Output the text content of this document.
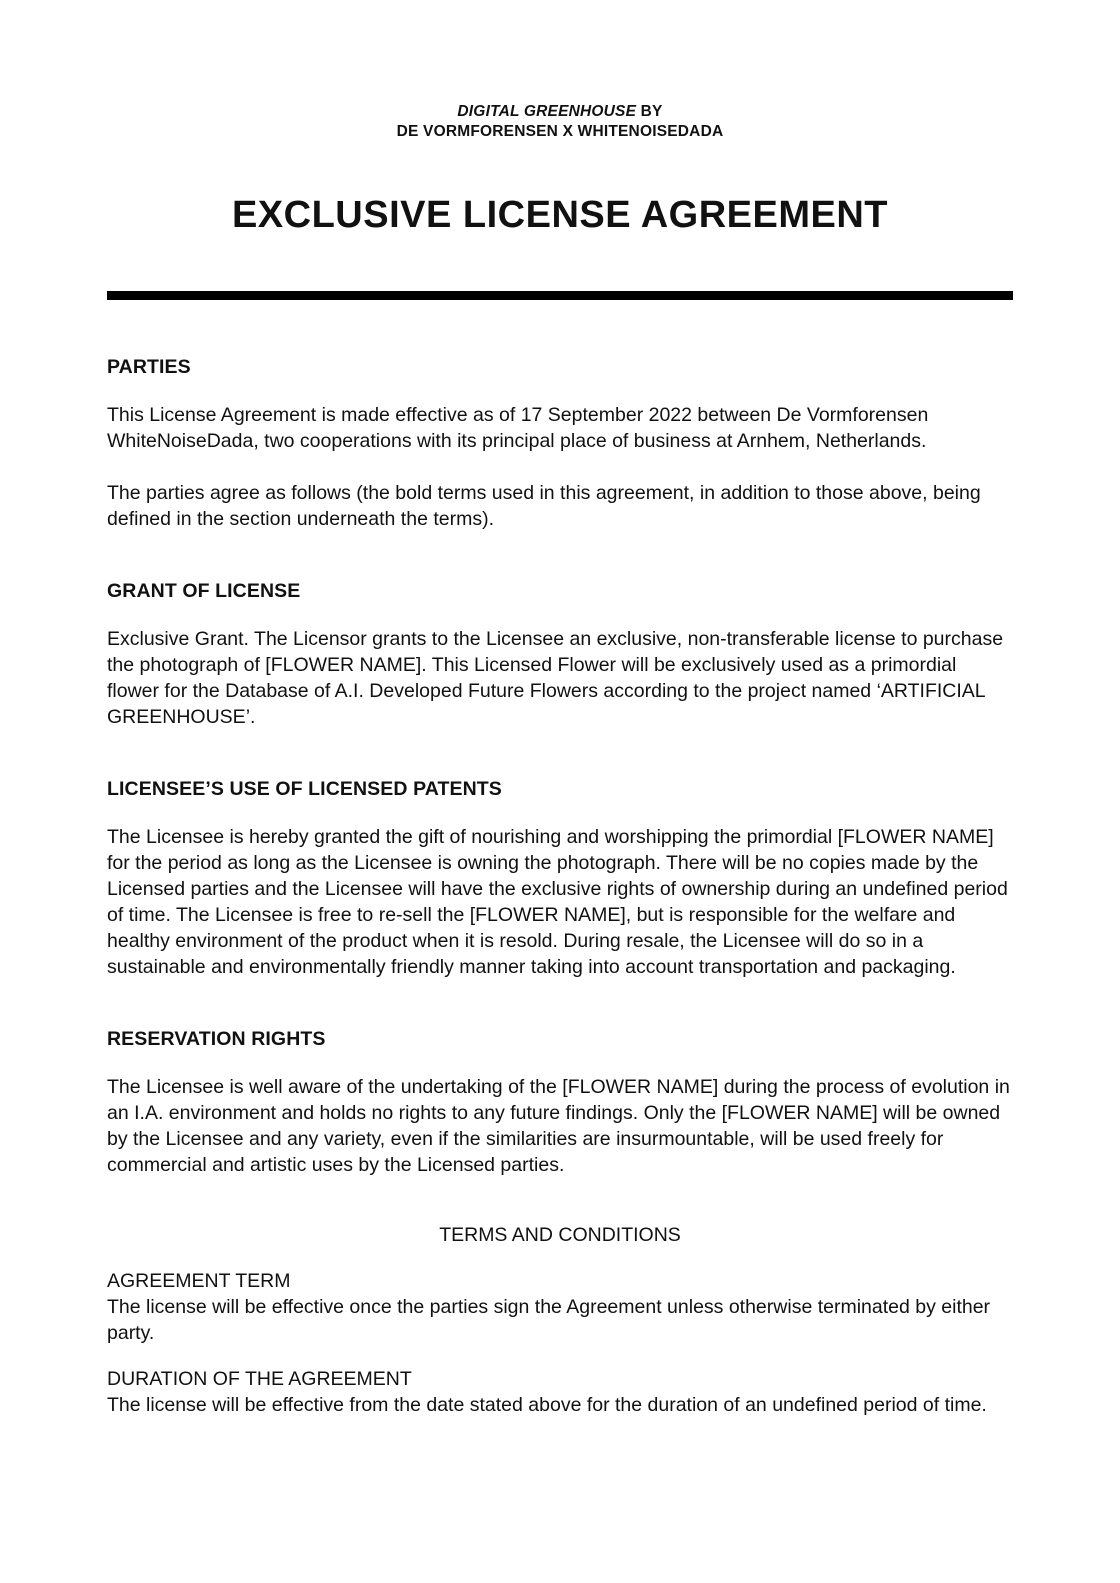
DIGITAL GREENHOUSE BY
DE VORMFORENSEN X WHITENOISEDADA
EXCLUSIVE LICENSE AGREEMENT
PARTIES

This License Agreement is made effective as of 17 September 2022 between De Vormforensen WhiteNoiseDada, two cooperations with its principal place of business at Arnhem, Netherlands.

The parties agree as follows (the bold terms used in this agreement, in addition to those above, being defined in the section underneath the terms).

GRANT OF LICENSE

Exclusive Grant. The Licensor grants to the Licensee an exclusive, non-transferable license to purchase the photograph of [FLOWER NAME]. This Licensed Flower will be exclusively used as a primordial flower for the Database of A.I. Developed Future Flowers according to the project named ‘ARTIFICIAL GREENHOUSE’.

LICENSEE’S USE OF LICENSED PATENTS

The Licensee is hereby granted the gift of nourishing and worshipping the primordial [FLOWER NAME] for the period as long as the Licensee is owning the photograph. There will be no copies made by the Licensed parties and the Licensee will have the exclusive rights of ownership during an undefined period of time. The Licensee is free to re-sell the [FLOWER NAME], but is responsible for the welfare and healthy environment of the product when it is resold. During resale, the Licensee will do so in a sustainable and environmentally friendly manner taking into account transportation and packaging.

RESERVATION RIGHTS

The Licensee is well aware of the undertaking of the [FLOWER NAME] during the process of evolution in an I.A. environment and holds no rights to any future findings. Only the [FLOWER NAME] will be owned by the Licensee and any variety, even if the similarities are insurmountable, will be used freely for commercial and artistic uses by the Licensed parties.

TERMS AND CONDITIONS
AGREEMENT TERM
The license will be effective once the parties sign the Agreement unless otherwise terminated by either party.
DURATION OF THE AGREEMENT
The license will be effective from the date stated above for the duration of an undefined period of time.
